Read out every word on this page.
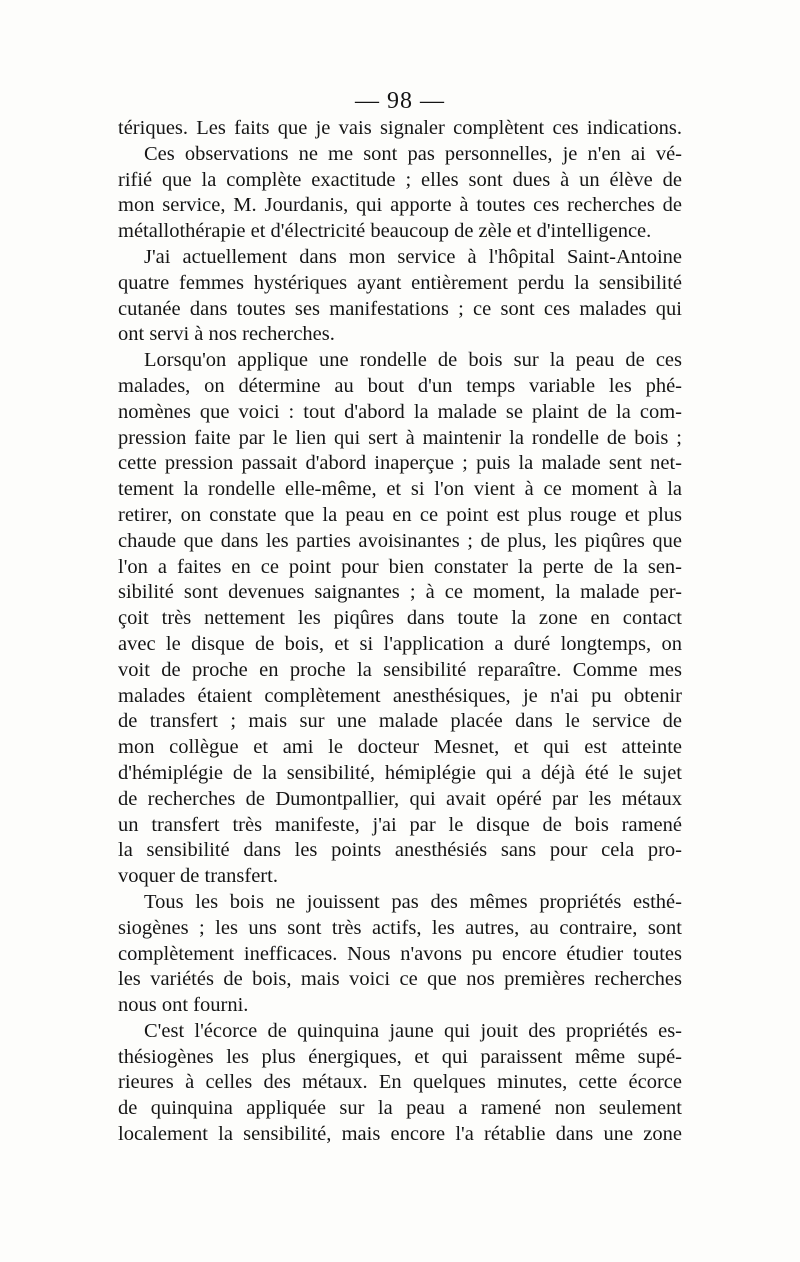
— 98 —
tériques. Les faits que je vais signaler complètent ces indications.
Ces observations ne me sont pas personnelles, je n'en ai vé-
rifié que la complète exactitude ; elles sont dues à un élève de
mon service, M. Jourdanis, qui apporte à toutes ces recherches de
métallothérapie et d'électricité beaucoup de zèle et d'intelligence.
J'ai actuellement dans mon service à l'hôpital Saint-Antoine
quatre femmes hystériques ayant entièrement perdu la sensibilité
cutanée dans toutes ses manifestations ; ce sont ces malades qui
ont servi à nos recherches.
Lorsqu'on applique une rondelle de bois sur la peau de ces
malades, on détermine au bout d'un temps variable les phé-
nomènes que voici : tout d'abord la malade se plaint de la com-
pression faite par le lien qui sert à maintenir la rondelle de bois ;
cette pression passait d'abord inaperçue ; puis la malade sent net-
tement la rondelle elle-même, et si l'on vient à ce moment à la
retirer, on constate que la peau en ce point est plus rouge et plus
chaude que dans les parties avoisinantes ; de plus, les piqûres que
l'on a faites en ce point pour bien constater la perte de la sen-
sibilité sont devenues saignantes ; à ce moment, la malade per-
çoit très nettement les piqûres dans toute la zone en contact
avec le disque de bois, et si l'application a duré longtemps, on
voit de proche en proche la sensibilité reparaître. Comme mes
malades étaient complètement anesthésiques, je n'ai pu obtenir
de transfert ; mais sur une malade placée dans le service de
mon collègue et ami le docteur Mesnet, et qui est atteinte
d'hémiplégie de la sensibilité, hémiplégie qui a déjà été le sujet
de recherches de Dumontpallier, qui avait opéré par les métaux
un transfert très manifeste, j'ai par le disque de bois ramené
la sensibilité dans les points anesthésiés sans pour cela pro-
voquer de transfert.
Tous les bois ne jouissent pas des mêmes propriétés esthé-
siogènes ; les uns sont très actifs, les autres, au contraire, sont
complètement inefficaces. Nous n'avons pu encore étudier toutes
les variétés de bois, mais voici ce que nos premières recherches
nous ont fourni.
C'est l'écorce de quinquina jaune qui jouit des propriétés es-
thésiogènes les plus énergiques, et qui paraissent même supé-
rieures à celles des métaux. En quelques minutes, cette écorce
de quinquina appliquée sur la peau a ramené non seulement
localement la sensibilité, mais encore l'a rétablie dans une zone
